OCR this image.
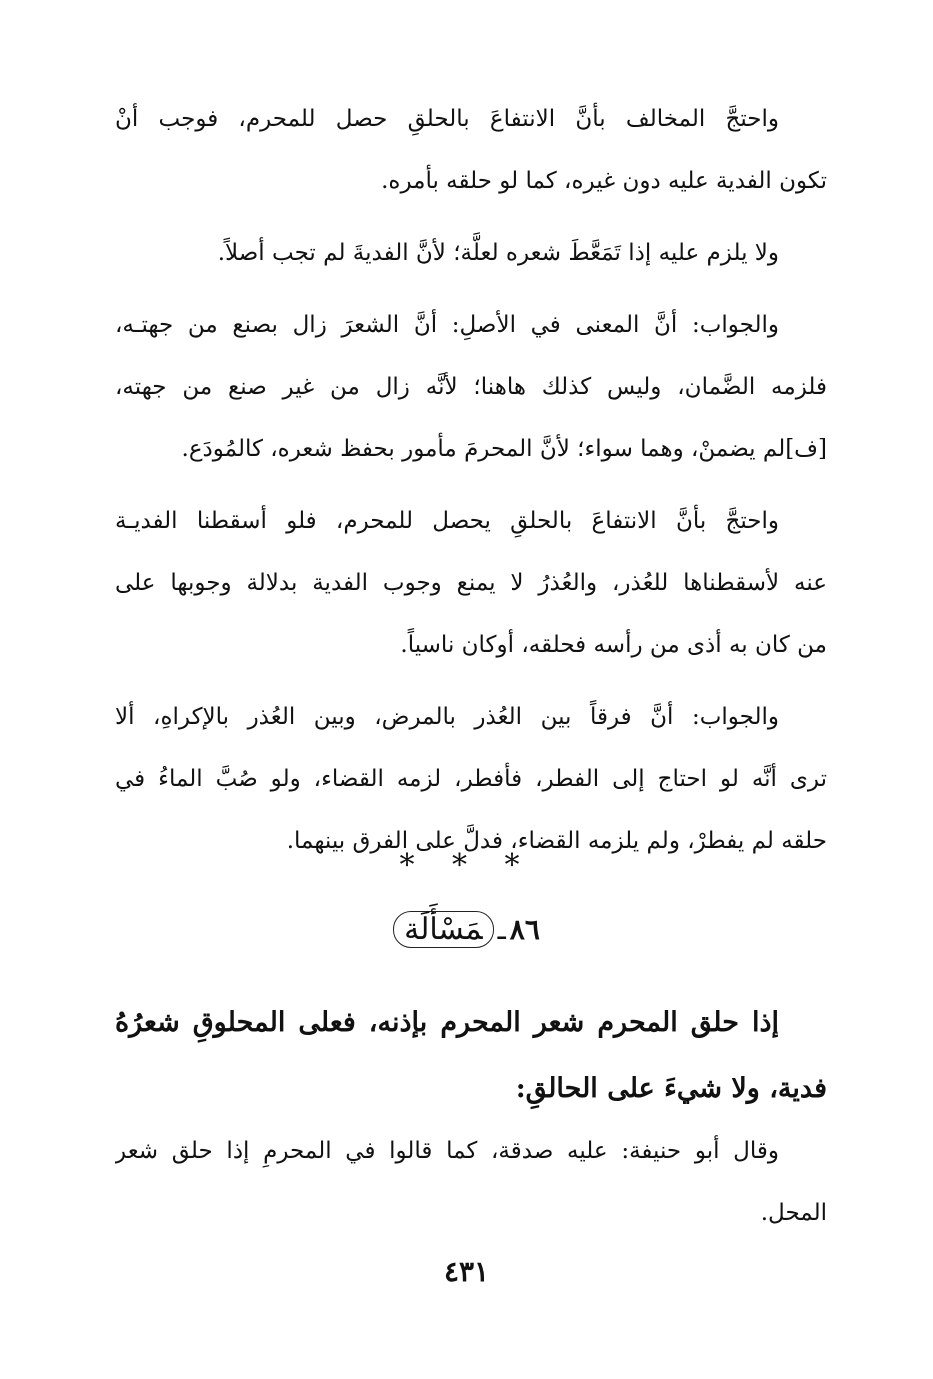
واحتجَّ المخالف بأنَّ الانتفاعَ بالحلقِ حصل للمحرم، فوجب أنْ
تكون الفدية عليه دون غيره، كما لو حلقه بأمره.
ولا يلزم عليه إذا تَمَعَّطَ شعره لعلَّة؛ لأنَّ الفديةَ لم تجب أصلاً.
والجواب: أنَّ المعنى في الأصلِ: أنَّ الشعرَ زال بصنع من جهتـه،
فلزمه الضَّمان، وليس كذلك هاهنا؛ لأنَّه زال من غير صنع من جهته،
[ف]لم يضمنْ، وهما سواء؛ لأنَّ المحرمَ مأمور بحفظ شعره، كالمُودَع.
واحتجَّ بأنَّ الانتفاعَ بالحلقِ يحصل للمحرم، فلو أسقطنا الفديـة
عنه لأسقطناها للعُذر، والعُذرُ لا يمنع وجوب الفدية بدلالة وجوبها على
من كان به أذى من رأسه فحلقه، أوكان ناسياً.
والجواب: أنَّ فرقاً بين العُذر بالمرض، وبين العُذر بالإكراهِ، ألا
ترى أنَّه لو احتاج إلى الفطر، فأفطر، لزمه القضاء، ولو صُبَّ الماءُ في
حلقه لم يفطرْ، ولم يلزمه القضاء، فدلَّ على الفرق بينهما.
* * *
٨٦ـمَسْأَلَة
إذا حلق المحرم شعر المحرم بإذنه، فعلى المحلوقِ شعرُهُ
فدية، ولا شيءَ على الحالقِ:
وقال أبو حنيفة: عليه صدقة، كما قالوا في المحرمِ إذا حلق شعر
المحل.
٤٣١
